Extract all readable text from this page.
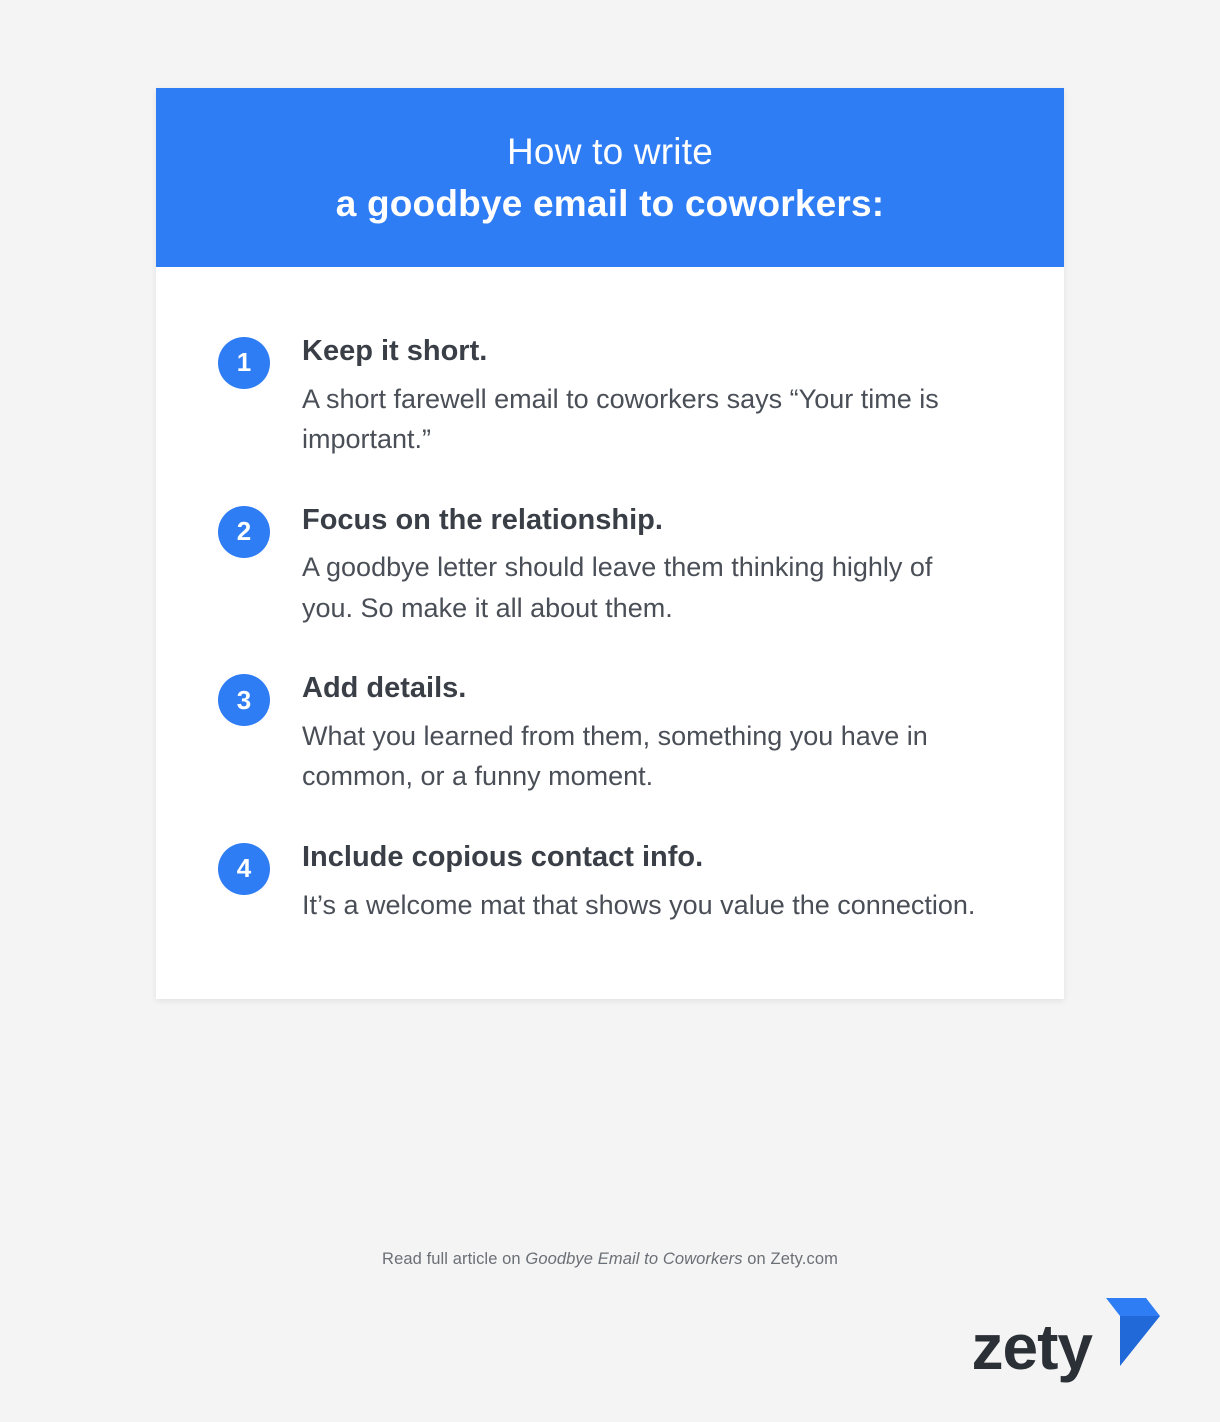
How to write
a goodbye email to coworkers:
1	Keep it short.
A short farewell email to coworkers says “Your time is important.”
2	Focus on the relationship.
A goodbye letter should leave them thinking highly of you. So make it all about them.
3	Add details.
What you learned from them, something you have in common, or a funny moment.
4	Include copious contact info.
It’s a welcome mat that shows you value the connection.
Read full article on Goodbye Email to Coworkers on Zety.com
zety
